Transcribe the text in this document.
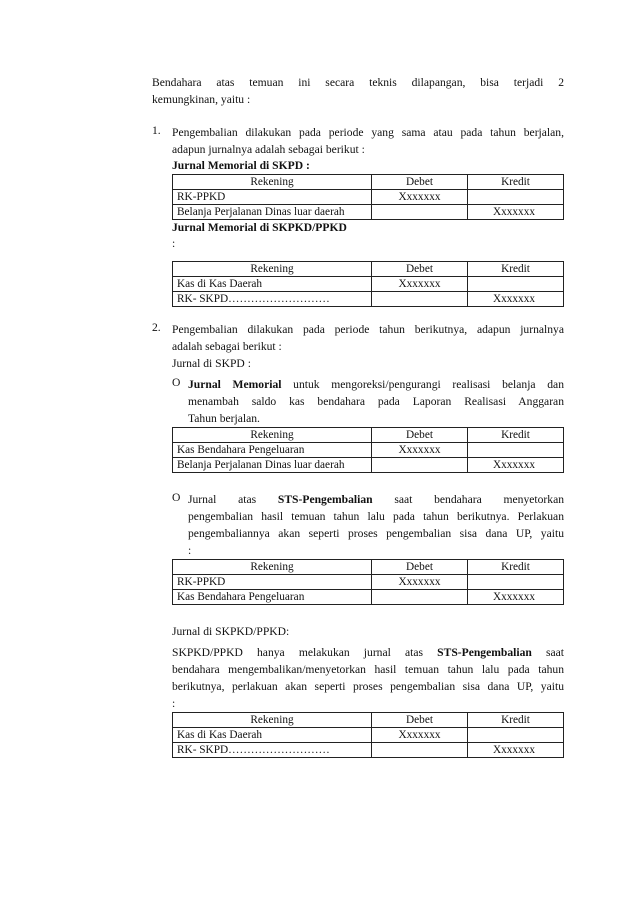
Bendahara atas temuan ini secara teknis dilapangan, bisa terjadi 2
kemungkinan, yaitu :
1. Pengembalian dilakukan pada periode yang sama atau pada tahun berjalan,
adapun jurnalnya adalah sebagai berikut :
Jurnal Memorial di SKPD :
Rekening	Debet	Kredit
RK-PPKD	Xxxxxxx	
Belanja Perjalanan Dinas luar daerah		Xxxxxxx
Jurnal Memorial di SKPKD/PPKD
:
Rekening	Debet	Kredit
Kas di Kas Daerah	Xxxxxxx	
RK- SKPD………………………		Xxxxxxx
2. Pengembalian dilakukan pada periode tahun berikutnya, adapun jurnalnya
adalah sebagai berikut :
Jurnal di SKPD :
O Jurnal Memorial untuk mengoreksi/pengurangi realisasi belanja dan
menambah saldo kas bendahara pada Laporan Realisasi Anggaran
Tahun berjalan.
Rekening	Debet	Kredit
Kas Bendahara Pengeluaran	Xxxxxxx	
Belanja Perjalanan Dinas luar daerah		Xxxxxxx
O Jurnal atas STS-Pengembalian saat bendahara menyetorkan
pengembalian hasil temuan tahun lalu pada tahun berikutnya. Perlakuan
pengembaliannya akan seperti proses pengembalian sisa dana UP, yaitu
:
Rekening	Debet	Kredit
RK-PPKD	Xxxxxxx	
Kas Bendahara Pengeluaran		Xxxxxxx
Jurnal di SKPKD/PPKD:
SKPKD/PPKD hanya melakukan jurnal atas STS-Pengembalian saat
bendahara mengembalikan/menyetorkan hasil temuan tahun lalu pada tahun
berikutnya, perlakuan akan seperti proses pengembalian sisa dana UP, yaitu
:
Rekening	Debet	Kredit
Kas di Kas Daerah	Xxxxxxx	
RK- SKPD………………………		Xxxxxxx
